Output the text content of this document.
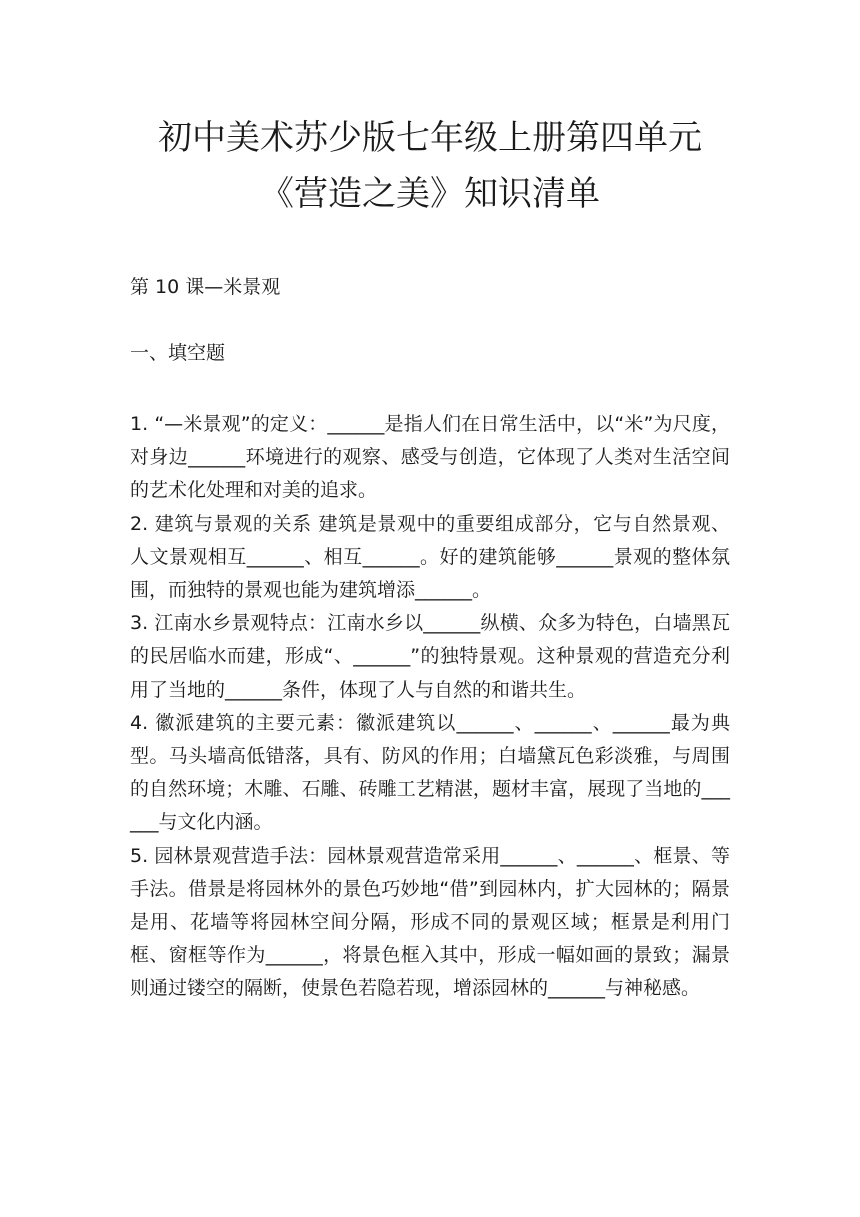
初中美术苏少版七年级上册第四单元《营造之美》知识清单

第 10 课—米景观

一、填空题

1. “—米景观”的定义：______是指人们在日常生活中，以“米”为尺度，对身边______环境进行的观察、感受与创造，它体现了人类对生活空间的艺术化处理和对美的追求。

2. 建筑与景观的关系 建筑是景观中的重要组成部分，它与自然景观、人文景观相互______、相互______。好的建筑能够______景观的整体氛围，而独特的景观也能为建筑增添______。

3. 江南水乡景观特点：江南水乡以______纵横、众多为特色，白墙黑瓦的民居临水而建，形成“、______”的独特景观。这种景观的营造充分利用了当地的______条件，体现了人与自然的和谐共生。

4. 徽派建筑的主要元素：徽派建筑以______、______、______最为典型。马头墙高低错落，具有、防风的作用；白墙黛瓦色彩淡雅，与周围的自然环境；木雕、石雕、砖雕工艺精湛，题材丰富，展现了当地的______与文化内涵。

5. 园林景观营造手法：园林景观营造常采用______、______、框景、等手法。借景是将园林外的景色巧妙地“借”到园林内，扩大园林的；隔景是用、花墙等将园林空间分隔，形成不同的景观区域；框景是利用门框、窗框等作为______，将景色框入其中，形成一幅如画的景致；漏景则通过镂空的隔断，使景色若隐若现，增添园林的______与神秘感。
